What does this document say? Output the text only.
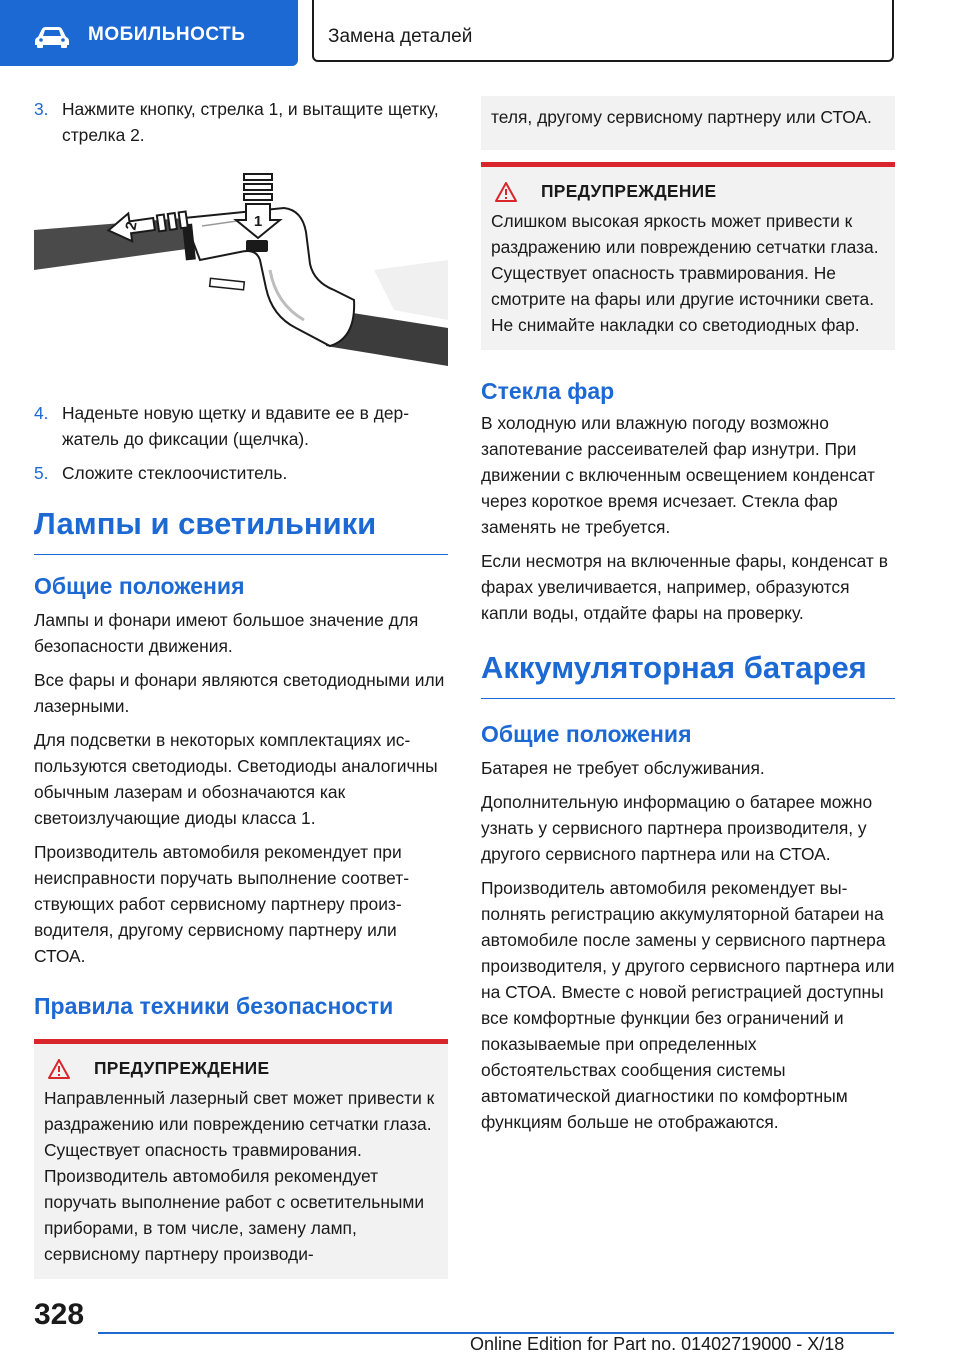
МОБИЛЬНОСТЬ	Замена деталей
3. Нажмите кнопку, стрелка 1, и вытащите щетку, стрелка 2.
1
2
4. Наденьте новую щетку и вдавите ее в держатель до фиксации (щелчка).
5. Сложите стеклоочиститель.
Лампы и светильники
Общие положения

Лампы и фонари имеют большое значение для безопасности движения.

Все фары и фонари являются светодиодными или лазерными.

Для подсветки в некоторых комплектациях используются светодиоды. Светодиоды аналогичны обычным лазерам и обозначаются как светоизлучающие диоды класса 1.

Производитель автомобиля рекомендует при неисправности поручать выполнение соответствующих работ сервисному партнеру производителя, другому сервисному партнеру или СТОА.

Правила техники безопасности
ПРЕДУПРЕЖДЕНИЕ

Направленный лазерный свет может привести к раздражению или повреждению сетчатки глаза. Существует опасность травмирования. Производитель автомобиля рекомендует поручать выполнение работ с осветительными приборами, в том числе, замену ламп, сервисному партнеру производи-

теля, другому сервисному партнеру или СТОА.

ПРЕДУПРЕЖДЕНИЕ

Слишком высокая яркость может привести к раздражению или повреждению сетчатки глаза. Существует опасность травмирования. Не смотрите на фары или другие источники света. Не снимайте накладки со светодиодных фар.

Стекла фар

В холодную или влажную погоду возможно запотевание рассеивателей фар изнутри. При движении с включенным освещением конденсат через короткое время исчезает. Стекла фар заменять не требуется.

Если несмотря на включенные фары, конденсат в фарах увеличивается, например, образуются капли воды, отдайте фары на проверку.

Аккумуляторная батарея
Общие положения

Батарея не требует обслуживания.

Дополнительную информацию о батарее можно узнать у сервисного партнера производителя, у другого сервисного партнера или на СТОА.

Производитель автомобиля рекомендует выполнять регистрацию аккумуляторной батареи на автомобиле после замены у сервисного партнера производителя, у другого сервисного партнера или на СТОА. Вместе с новой регистрацией доступны все комфортные функции без ограничений и показываемые при определенных обстоятельствах сообщения системы автоматической диагностики по комфортным функциям больше не отображаются.

328
Online Edition for Part no. 01402719000 - X/18
